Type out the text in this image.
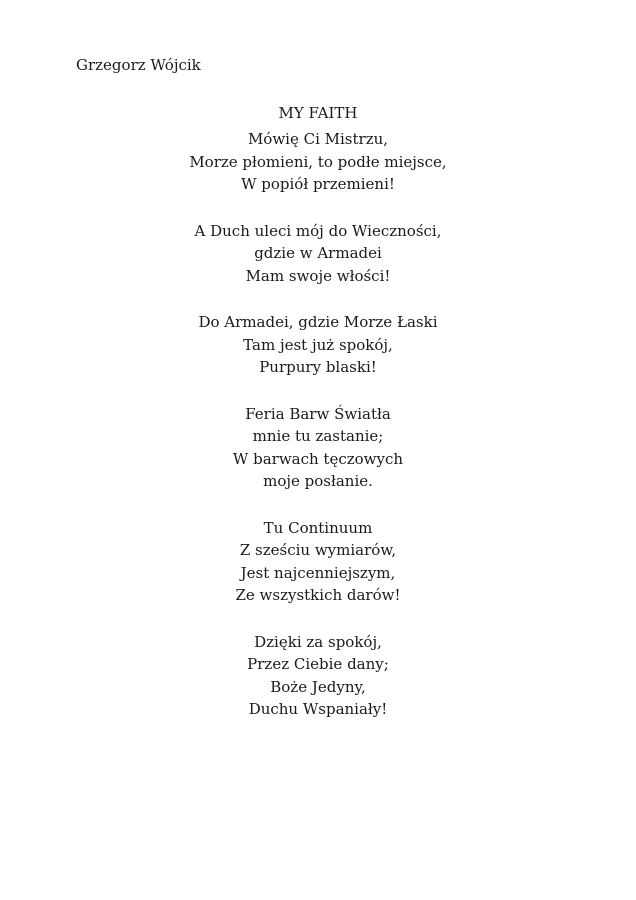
Grzegorz Wójcik

MY FAITH
Mówię Ci Mistrzu,
Morze płomieni, to podłe miejsce,
W popiół przemieni!
A Duch uleci mój do Wieczności,
gdzie w Armadei
Mam swoje włości!
Do Armadei, gdzie Morze Łaski
Tam jest już spokój,
Purpury blaski!
Feria Barw Światła
mnie tu zastanie;
W barwach tęczowych
moje posłanie.
Tu Continuum
Z sześciu wymiarów,
Jest najcenniejszym,
Ze wszystkich darów!
Dzięki za spokój,
Przez Ciebie dany;
Boże Jedyny,
Duchu Wspaniały!
